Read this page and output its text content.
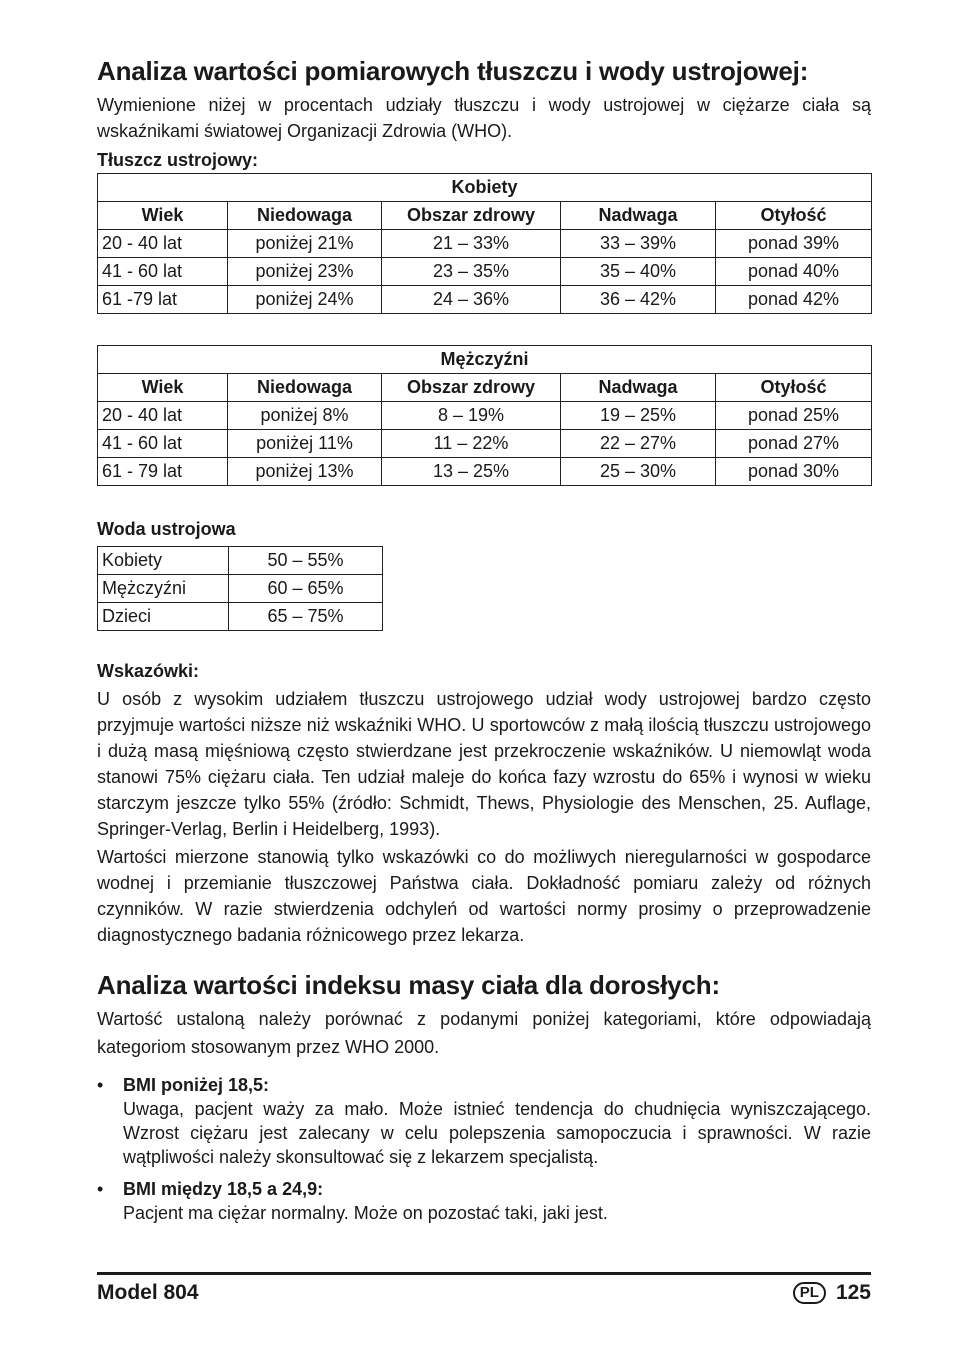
Analiza wartości pomiarowych tłuszczu i wody ustrojowej:

Wymienione niżej w procentach udziały tłuszczu i wody ustrojowej w ciężarze ciała są wskaźnikami światowej Organizacji Zdrowia (WHO).

Tłuszcz ustrojowy:
Kobiety				
Wiek	Niedowaga	Obszar zdrowy	Nadwaga	Otyłość
20 - 40 lat	poniżej 21%	21 – 33%	33 – 39%	ponad 39%
41 - 60 lat	poniżej 23%	23 – 35%	35 – 40%	ponad 40%
61 -79 lat	poniżej 24%	24 – 36%	36 – 42%	ponad 42%
Mężczyźni				
Wiek	Niedowaga	Obszar zdrowy	Nadwaga	Otyłość
20 - 40 lat	poniżej 8%	8 – 19%	19 – 25%	ponad 25%
41 - 60 lat	poniżej 11%	11 – 22%	22 – 27%	ponad 27%
61 - 79 lat	poniżej 13%	13 – 25%	25 – 30%	ponad 30%
Woda ustrojowa
Kobiety	50 – 55%
Mężczyźni	60 – 65%
Dzieci	65 – 75%
Wskazówki:

U osób z wysokim udziałem tłuszczu ustrojowego udział wody ustrojowej bardzo często przyjmuje wartości niższe niż wskaźniki WHO. U sportowców z małą ilością tłuszczu ustrojowego i dużą masą mięśniową często stwierdzane jest przekroczenie wskaźników. U niemowląt woda stanowi 75% ciężaru ciała. Ten udział maleje do końca fazy wzrostu do 65% i wynosi w wieku starczym jeszcze tylko 55% (źródło: Schmidt, Thews, Physiologie des Menschen, 25. Auflage, Springer-Verlag, Berlin i Heidelberg, 1993).

Wartości mierzone stanowią tylko wskazówki co do możliwych nieregularności w gospodarce wodnej i przemianie tłuszczowej Państwa ciała. Dokładność pomiaru zależy od różnych czynników. W razie stwierdzenia odchyleń od wartości normy prosimy o przeprowadzenie diagnostycznego badania różnicowego przez lekarza.

Analiza wartości indeksu masy ciała dla dorosłych:

Wartość ustaloną należy porównać z podanymi poniżej kategoriami, które odpowiadają kategoriom stosowanym przez WHO 2000.

• BMI poniżej 18,5:
Uwaga, pacjent waży za mało. Może istnieć tendencja do chudnięcia wyniszczającego. Wzrost ciężaru jest zalecany w celu polepszenia samopoczucia i sprawności. W razie wątpliwości należy skonsultować się z lekarzem specjalistą.
• BMI między 18,5 a 24,9:
Pacjent ma ciężar normalny. Może on pozostać taki, jaki jest.
Model 804	PL 125
